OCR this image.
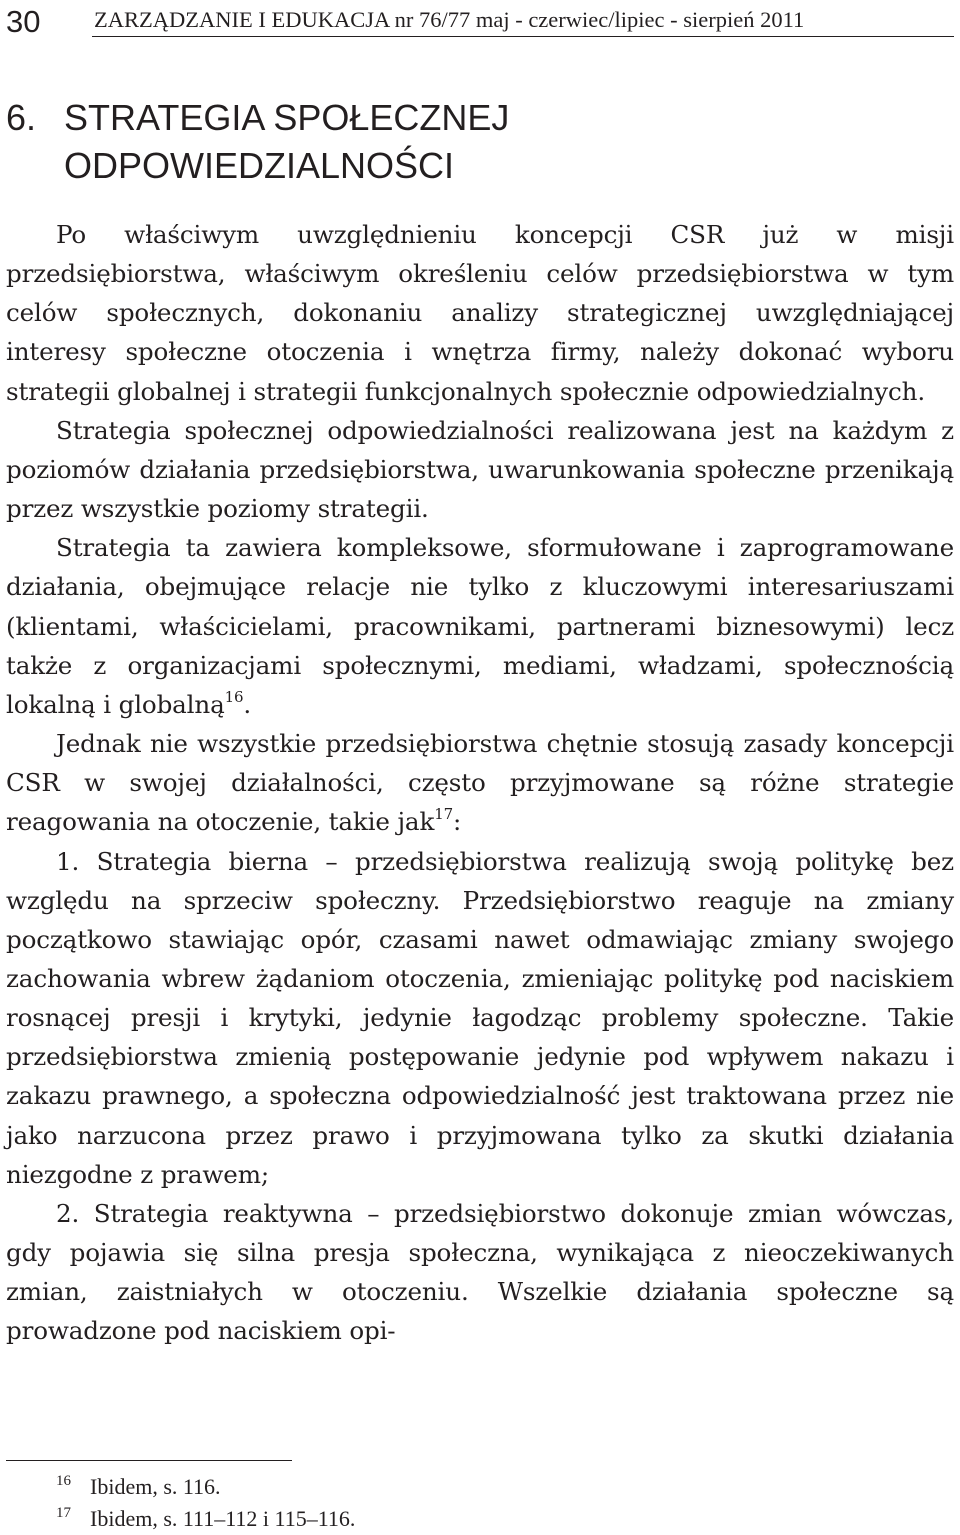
30 ZARZĄDZANIE I EDUKACJA nr 76/77 maj - czerwiec/lipiec - sierpień 2011
6. STRATEGIA SPOŁECZNEJ
ODPOWIEDZIALNOŚCI

Po właściwym uwzględnieniu koncepcji CSR już w misji przedsiębiorstwa, właściwym określeniu celów przedsiębiorstwa w tym celów społecznych, dokonaniu analizy strategicznej uwzględniającej interesy społeczne otoczenia i wnętrza firmy, należy dokonać wyboru strategii globalnej i strategii funkcjonalnych społecznie odpowiedzialnych.

Strategia społecznej odpowiedzialności realizowana jest na każdym z poziomów działania przedsiębiorstwa, uwarunkowania społeczne przenikają przez wszystkie poziomy strategii.

Strategia ta zawiera kompleksowe, sformułowane i zaprogramowane działania, obejmujące relacje nie tylko z kluczowymi interesariuszami (klientami, właścicielami, pracownikami, partnerami biznesowymi) lecz także z organizacjami społecznymi, mediami, władzami, społecznością lokalną i globalną$^{16}$.

Jednak nie wszystkie przedsiębiorstwa chętnie stosują zasady koncepcji CSR w swojej działalności, często przyjmowane są różne strategie reagowania na otoczenie, takie jak$^{17}$:

1. Strategia bierna – przedsiębiorstwa realizują swoją politykę bez względu na sprzeciw społeczny. Przedsiębiorstwo reaguje na zmiany początkowo stawiając opór, czasami nawet odmawiając zmiany swojego zachowania wbrew żądaniom otoczenia, zmieniając politykę pod naciskiem rosnącej presji i krytyki, jedynie łagodząc problemy społeczne. Takie przedsiębiorstwa zmienią postępowanie jedynie pod wpływem nakazu i zakazu prawnego, a społeczna odpowiedzialność jest traktowana przez nie jako narzucona przez prawo i przyjmowana tylko za skutki działania niezgodne z prawem;

2. Strategia reaktywna – przedsiębiorstwo dokonuje zmian wówczas, gdy pojawia się silna presja społeczna, wynikająca z nieoczekiwanych zmian, zaistniałych w otoczeniu. Wszelkie działania społeczne są prowadzone pod naciskiem opi-

16 Ibidem, s. 116.
17 Ibidem, s. 111–112 i 115–116.
